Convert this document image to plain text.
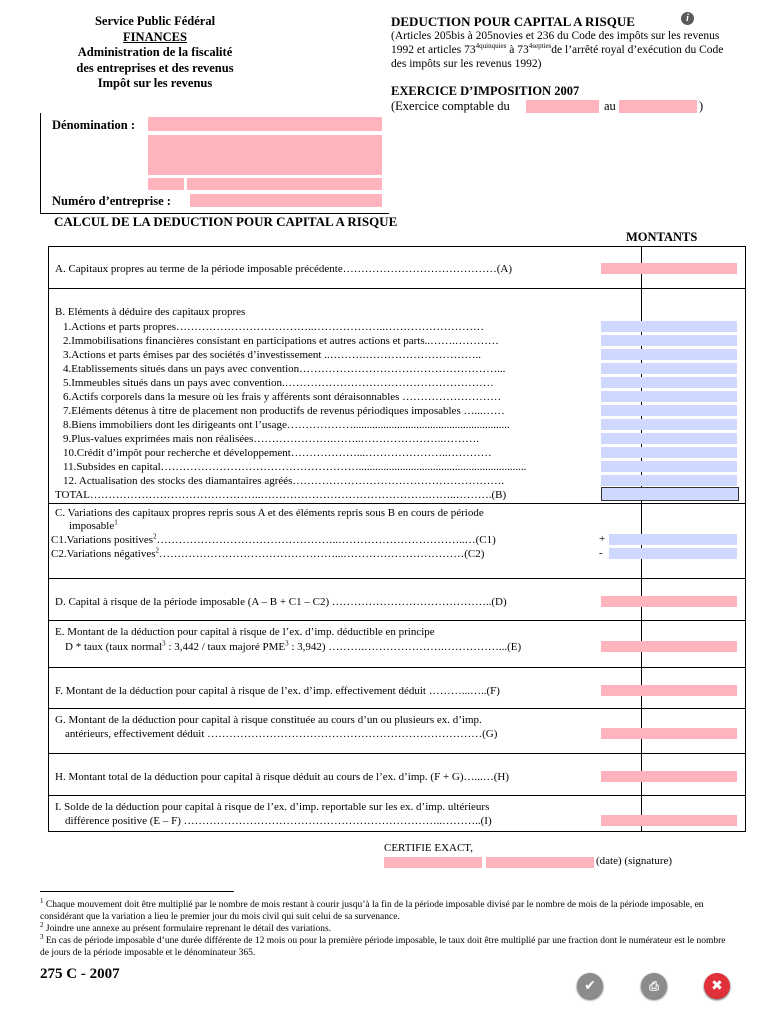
Service Public Fédéral
FINANCES
Administration de la fiscalité
des entreprises et des revenus
Impôt sur les revenus
DEDUCTION POUR CAPITAL A RISQUE	i
(Articles 205bis à 205novies et 236 du Code des impôts sur les revenus 1992 et articles $73^{4quinquies}$ à $73^{4septies}de$ l’arrêté royal d’exécution du Code des impôts sur les revenus 1992)
EXERCICE D’IMPOSITION 2007
(Exercice comptable du	au	)
Dénomination :
Numéro d’entreprise :
CALCUL DE LA DEDUCTION POUR CAPITAL A RISQUE
MONTANTS
A. Capitaux propres au terme de la période imposable précédente……………………………………(A)
B. Eléments à déduire des capitaux propres
1.Actions et parts propres………………………………..………………..………………………
2.Immobilisations financières consistant en participations et autres actions et parts..…….…………
3.Actions et parts émises par des sociétés d’investissement ..……….…………………………..
4.Etablissements situés dans un pays avec convention………………………………………………...
5.Immeubles situés dans un pays avec convention.…………………………………………………
6.Actifs corporels dans la mesure où les frais y afférents sont déraisonnables ………………………
7.Eléments détenus à titre de placement non productifs de revenus périodiques imposables …...……
8.Biens immobiliers dont les dirigeants ont l’usage……………….........................................................
9.Plus-values exprimées mais non réalisées………………….……..…………………..……….
10.Crédit d’impôt pour recherche et développement………………...…………………..…………
11.Subsides en capital……………………………………………….............................................................
12. Actualisation des stocks des diamantaires agréés………………………………………………….
TOTAL………………………………………..……………………………………….……..……….(B)
C. Variations des capitaux propres repris sous A et des éléments repris sous B en cours de période
imposable$^1$
C1.Variations positives$^2$…………………………………………..……………………………..…(C1)	+
C2.Variations négatives$^2$…………………………………………...……………………………(C2)	-
D. Capital à risque de la période imposable (A – B + C1 – C2) ……………………………………..(D)
E. Montant de la déduction pour capital à risque de l’ex. d’imp. déductible en principe
D * taux (taux normal$^3$ : 3,442 / taux majoré PME$^3$ : 3,942) ……….………………….……………...(E)
F. Montant de la déduction pour capital à risque de l’ex. d’imp. effectivement déduit ………...…..(F)
G. Montant de la déduction pour capital à risque constituée au cours d’un ou plusieurs ex. d’imp.
antérieurs, effectivement déduit …………………………………………………………………(G)
H. Montant total de la déduction pour capital à risque déduit au cours de l’ex. d’imp. (F + G)…...…(H)
I. Solde de la déduction pour capital à risque de l’ex. d’imp. reportable sur les ex. d’imp. ultérieurs
différence positive (E – F) ……………………………………………………………..………..(I)
CERTIFIE EXACT,
(date) (signature)
$^1$ Chaque mouvement doit être multiplié par le nombre de mois restant à courir jusqu’à la fin de la période imposable divisé par le nombre de mois de la période imposable, en considérant que la variation a lieu le premier jour du mois civil qui suit celui de sa survenance.
$^2$ Joindre une annexe au présent formulaire reprenant le détail des variations.
$^3$ En cas de période imposable d’une durée différente de 12 mois ou pour la première période imposable, le taux doit être multiplié par une fraction dont le numérateur est le nombre de jours de la période imposable et le dénominateur 365.
275 C - 2007
✔	⎙	✖
